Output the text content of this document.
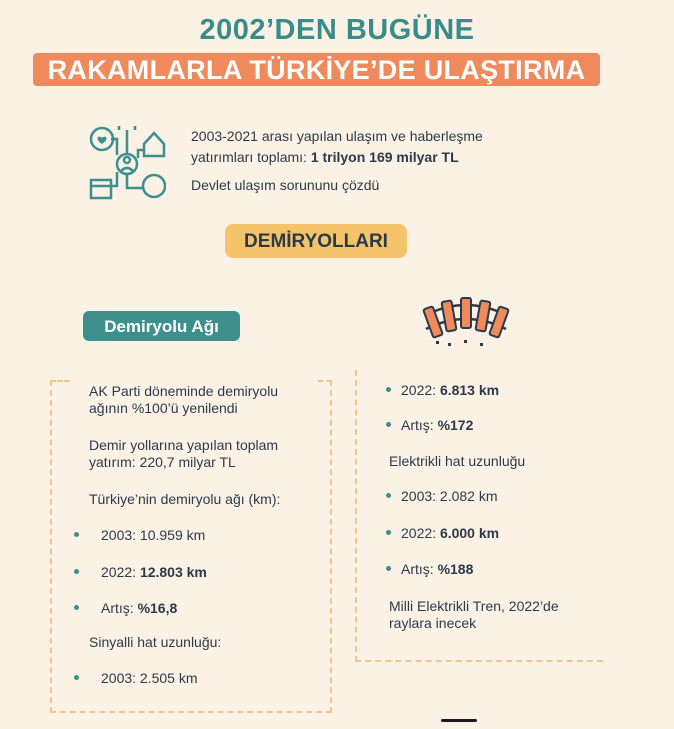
2002’DEN BUGÜNE
RAKAMLARLA TÜRKİYE’DE ULAŞTIRMA
2003-2021 arası yapılan ulaşım ve haberleşme
yatırımları toplamı: 1 trilyon 169 milyar TL
Devlet ulaşım sorununu çözdü
DEMİRYOLLARI
Demiryolu Ağı
AK Parti döneminde demiryolu
ağının %100’ü yenilendi
Demir yollarına yapılan toplam
yatırım: 220,7 milyar TL
Türkiye’nin demiryolu ağı (km):
2003: 10.959 km
2022: 12.803 km
Artış: %16,8
Sinyalli hat uzunluğu:
2003: 2.505 km
2022: 6.813 km
Artış: %172
Elektrikli hat uzunluğu
2003: 2.082 km
2022: 6.000 km
Artış: %188
Milli Elektrikli Tren, 2022’de
raylara inecek
